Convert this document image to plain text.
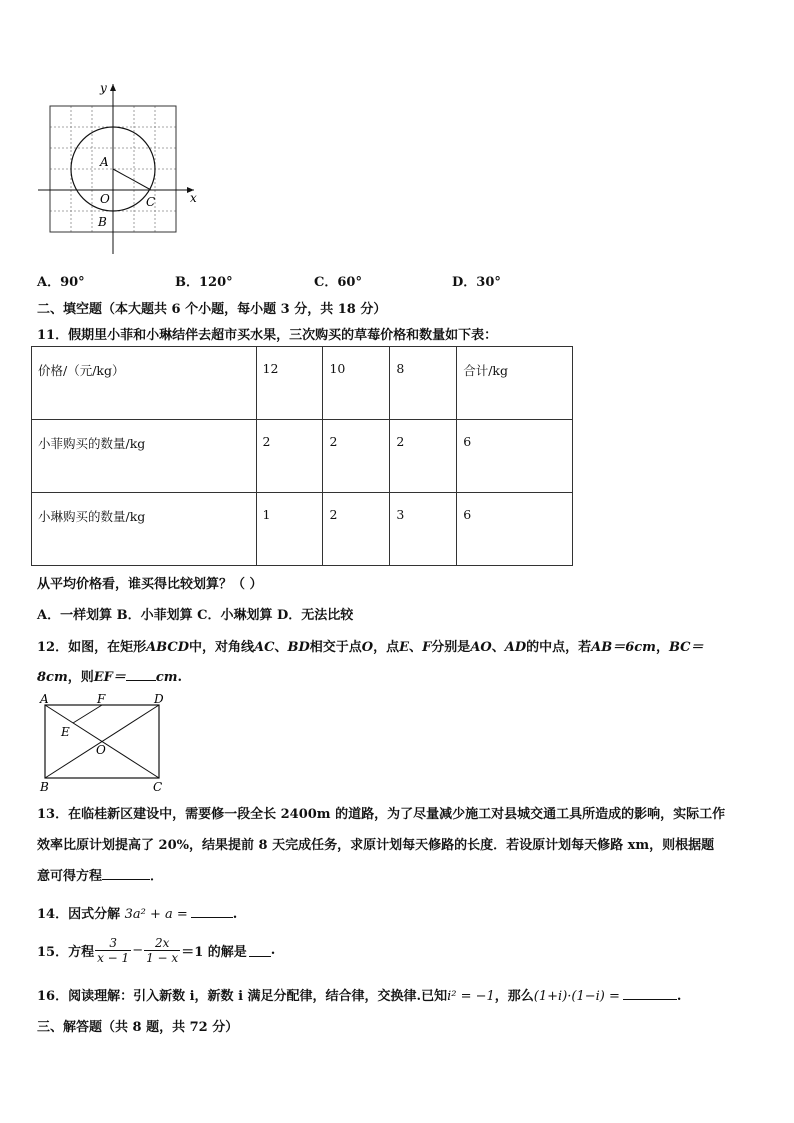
x
y
A
O	C
B
A．90°	B．120°	C．60°	D．30°
二、填空题（本大题共 6 个小题，每小题 3 分，共 18 分）
11．假期里小菲和小琳结伴去超市买水果，三次购买的草莓价格和数量如下表：
价格/（元/kg）	12	10	8	合计/kg
小菲购买的数量/kg	2	2	2	6
小琳购买的数量/kg	1	2	3	6
从平均价格看，谁买得比较划算？（ ）
A．一样划算 B．小菲划算 C．小琳划算 D．无法比较
12．如图，在矩形ABCD中，对角线AC、BD相交于点O，点E、F分别是AO、AD的中点，若AB＝6cm，BC＝
8cm，则EF＝ cm.
A	F	D
E
O
B	C
13．在临桂新区建设中，需要修一段全长 2400m 的道路，为了尽量减少施工对县城交通工具所造成的影响，实际工作
效率比原计划提高了 20%，结果提前 8 天完成任务，求原计划每天修路的长度．若设原计划每天修路 xm，则根据题
意可得方程	．
14．因式分解 3a² + a =	.
15．方程 $\frac{3}{x - 1} - \frac{2x}{1 - x} =1$ 的解是 .
16．阅读理解：引入新数 i，新数 i 满足分配律，结合律，交换律.已知i² = −1，那么(1+i)·(1−i) =	.
三、解答题（共 8 题，共 72 分）
